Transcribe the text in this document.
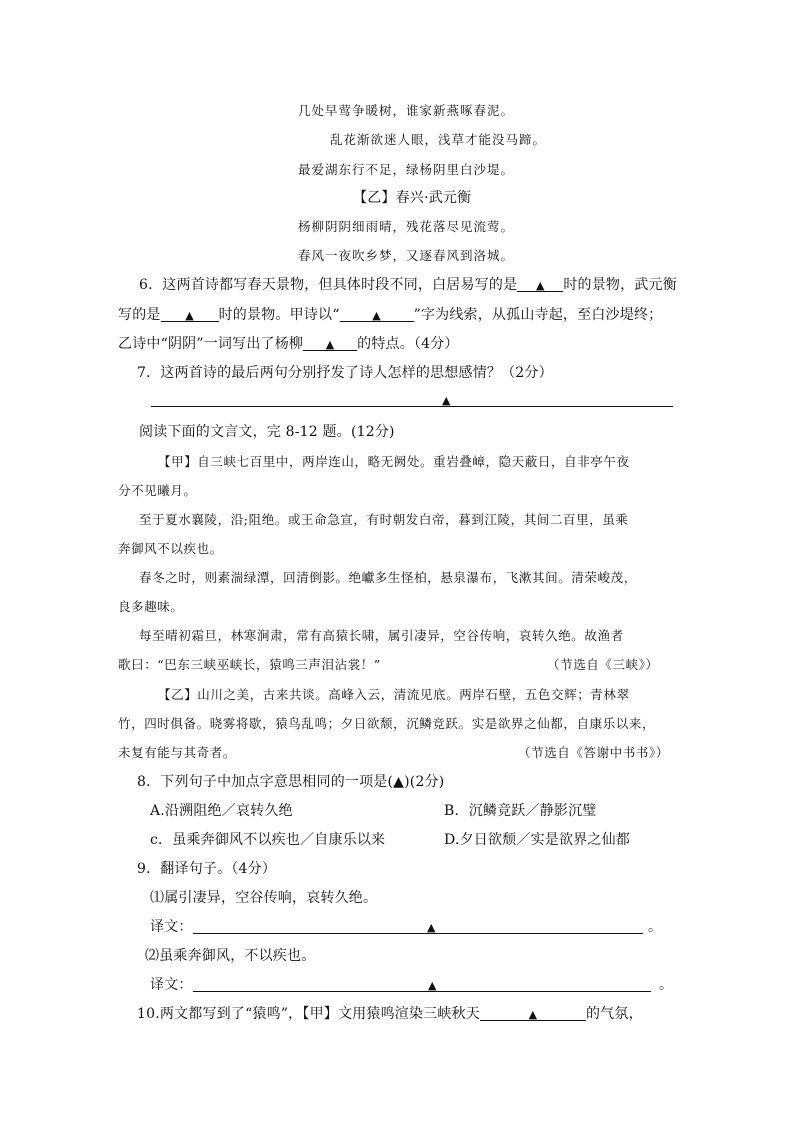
几处早莺争暖树，谁家新燕啄春泥。
乱花渐欲迷人眼，浅草才能没马蹄。
最爱湖东行不足，绿杨阴里白沙堤。
【乙】春兴·武元衡
杨柳阴阴细雨晴，残花落尽见流莺。
春风一夜吹乡梦，又逐春风到洛城。
6．这两首诗都写春天景物，但具体时段不同，白居易写的是 ▲ 时的景物，武元衡
写的是 ▲ 时的景物。甲诗以“	▲ ”字为线索，从孤山寺起，至白沙堤终；
乙诗中“阴阴”一词写出了杨柳 ▲ 的特点。（4分）
7．这两首诗的最后两句分别抒发了诗人怎样的思想感情？（2分）
▲
阅读下面的文言文，完 8-12 题。(12分)
【甲】自三峡七百里中，两岸连山，略无阙处。重岩叠嶂，隐天蔽日，自非亭午夜
分不见曦月。
至于夏水襄陵，沿;阻绝。或王命急宣，有时朝发白帝，暮到江陵，其间二百里，虽乘
奔御风不以疾也。
春冬之时，则素湍绿潭，回清倒影。绝巘多生怪柏，悬泉瀑布，飞漱其间。清荣峻茂，
良多趣味。
每至晴初霜旦，林寒涧肃，常有高猿长啸，属引凄异，空谷传响，哀转久绝。故渔者
歌曰：“巴东三峡巫峡长，猿鸣三声泪沾裳！”	（节选自《三峡》）
【乙】山川之美，古来共谈。高峰入云，清流见底。两岸石壁，五色交辉；青林翠
竹，四时俱备。晓雾将歇，猿鸟乱鸣；夕日欲颓，沉鳞竞跃。实是欲界之仙都，自康乐以来，
未复有能与其奇者。	（节选自《答谢中书书》）
8．下列句子中加点字意思相同的一项是(▲)(2分)
A.沿溯阻绝／哀转久绝	B．沉鳞竞跃／静影沉璧
c．虽乘奔御风不以疾也／自康乐以来	D.夕日欲颓／实是欲界之仙都
9．翻译句子。（4分）
⑴属引凄异，空谷传响，哀转久绝。
译文：	▲	。
⑵虽乘奔御风，不以疾也。
译文：	▲	。
10.两文都写到了“猿鸣”，【甲】文用猿鸣渲染三峡秋天	▲	的气氛，
